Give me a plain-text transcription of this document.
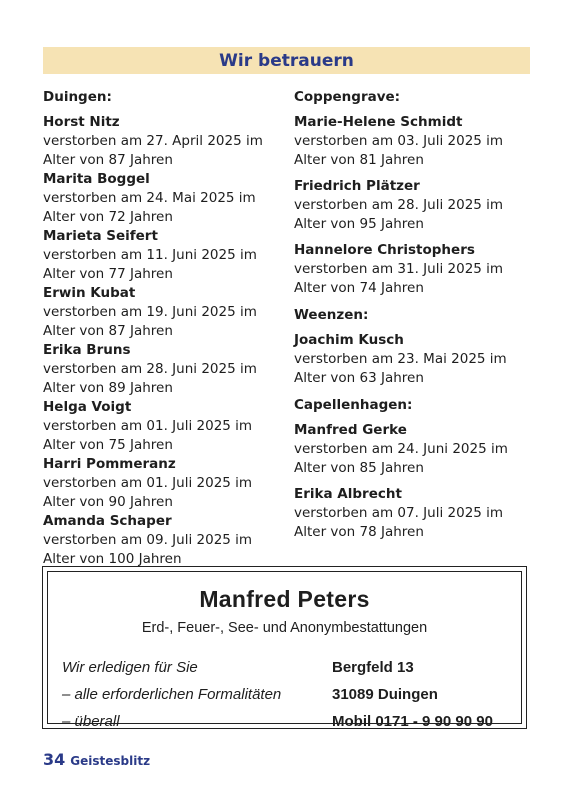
Wir betrauern
Duingen:
Horst Nitz
verstorben am 27. April 2025 im
Alter von 87 Jahren
Marita Boggel
verstorben am 24. Mai 2025 im
Alter von 72 Jahren
Marieta Seifert
verstorben am 11. Juni 2025 im
Alter von 77 Jahren
Erwin Kubat
verstorben am 19. Juni 2025 im
Alter von 87 Jahren
Erika Bruns
verstorben am 28. Juni 2025 im
Alter von 89 Jahren
Helga Voigt
verstorben am 01. Juli 2025 im
Alter von 75 Jahren
Harri Pommeranz
verstorben am 01. Juli 2025 im
Alter von 90 Jahren
Amanda Schaper
verstorben am 09. Juli 2025 im
Alter von 100 Jahren
Coppengrave:
Marie-Helene Schmidt
verstorben am 03. Juli 2025 im
Alter von 81 Jahren
Friedrich Plätzer
verstorben am 28. Juli 2025 im
Alter von 95 Jahren
Hannelore Christophers
verstorben am 31. Juli 2025 im
Alter von 74 Jahren
Weenzen:
Joachim Kusch
verstorben am 23. Mai 2025 im
Alter von 63 Jahren
Capellenhagen:
Manfred Gerke
verstorben am 24. Juni 2025 im
Alter von 85 Jahren
Erika Albrecht
verstorben am 07. Juli 2025 im
Alter von 78 Jahren
Manfred Peters
Erd-, Feuer-, See- und Anonymbestattungen
Wir erledigen für Sie
– alle erforderlichen Formalitäten
– überall
Bergfeld 13
31089 Duingen
Mobil 0171 - 9 90 90 90
34 Geistesblitz
